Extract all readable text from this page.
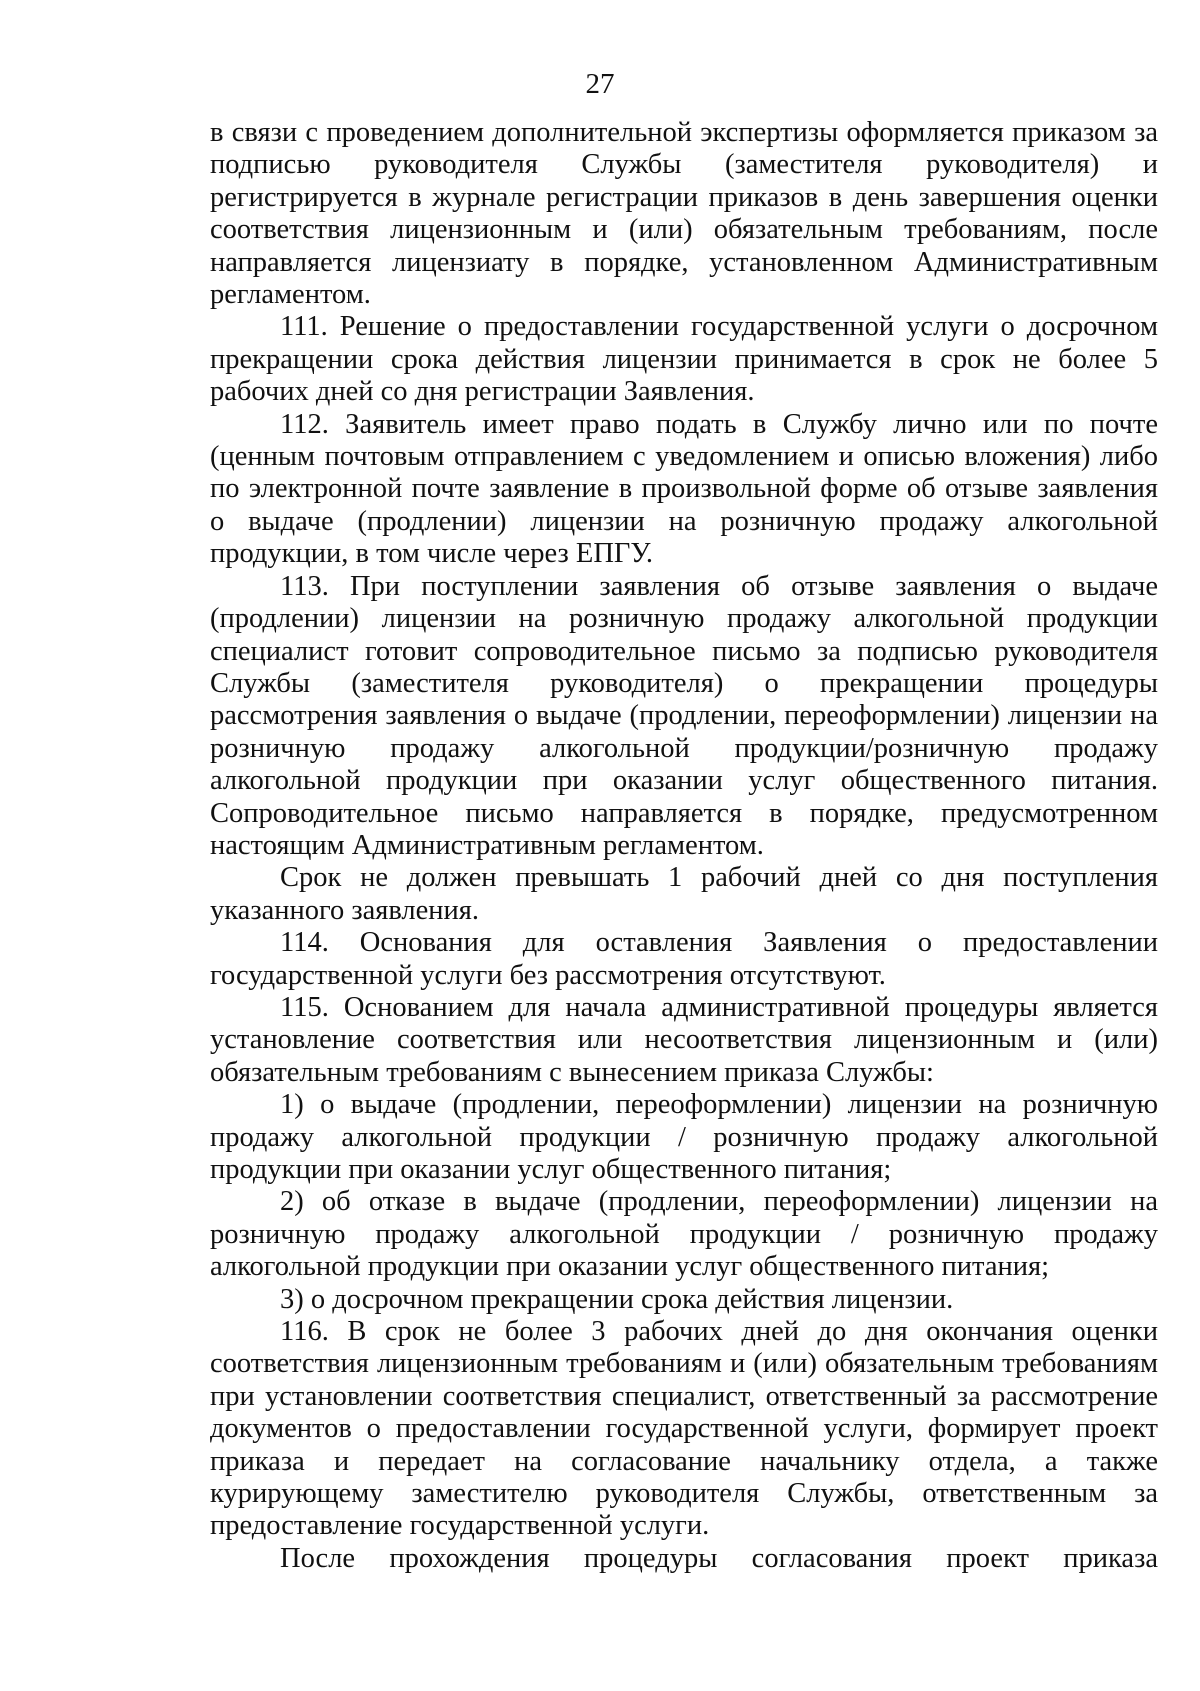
27

в связи с проведением дополнительной экспертизы оформляется приказом за подписью руководителя Службы (заместителя руководителя) и регистрируется в журнале регистрации приказов в день завершения оценки соответствия лицензионным и (или) обязательным требованиям, после направляется лицензиату в порядке, установленном Административным регламентом.

111. Решение о предоставлении государственной услуги о досрочном прекращении срока действия лицензии принимается в срок не более 5 рабочих дней со дня регистрации Заявления.

112. Заявитель имеет право подать в Службу лично или по почте (ценным почтовым отправлением с уведомлением и описью вложения) либо по электронной почте заявление в произвольной форме об отзыве заявления о выдаче (продлении) лицензии на розничную продажу алкогольной продукции, в том числе через ЕПГУ.

113. При поступлении заявления об отзыве заявления о выдаче (продлении) лицензии на розничную продажу алкогольной продукции специалист готовит сопроводительное письмо за подписью руководителя Службы (заместителя руководителя) о прекращении процедуры рассмотрения заявления о выдаче (продлении, переоформлении) лицензии на розничную продажу алкогольной продукции/розничную продажу алкогольной продукции при оказании услуг общественного питания. Сопроводительное письмо направляется в порядке, предусмотренном настоящим Административным регламентом.

Срок не должен превышать 1 рабочий дней со дня поступления указанного заявления.

114. Основания для оставления Заявления о предоставлении государственной услуги без рассмотрения отсутствуют.

115. Основанием для начала административной процедуры является установление соответствия или несоответствия лицензионным и (или) обязательным требованиям с вынесением приказа Службы:

1) о выдаче (продлении, переоформлении) лицензии на розничную продажу алкогольной продукции / розничную продажу алкогольной продукции при оказании услуг общественного питания;

2) об отказе в выдаче (продлении, переоформлении) лицензии на розничную продажу алкогольной продукции / розничную продажу алкогольной продукции при оказании услуг общественного питания;

3) о досрочном прекращении срока действия лицензии.

116. В срок не более 3 рабочих дней до дня окончания оценки соответствия лицензионным требованиям и (или) обязательным требованиям при установлении соответствия специалист, ответственный за рассмотрение документов о предоставлении государственной услуги, формирует проект приказа и передает на согласование начальнику отдела, а также курирующему заместителю руководителя Службы, ответственным за предоставление государственной услуги.

После прохождения процедуры согласования проект приказа
